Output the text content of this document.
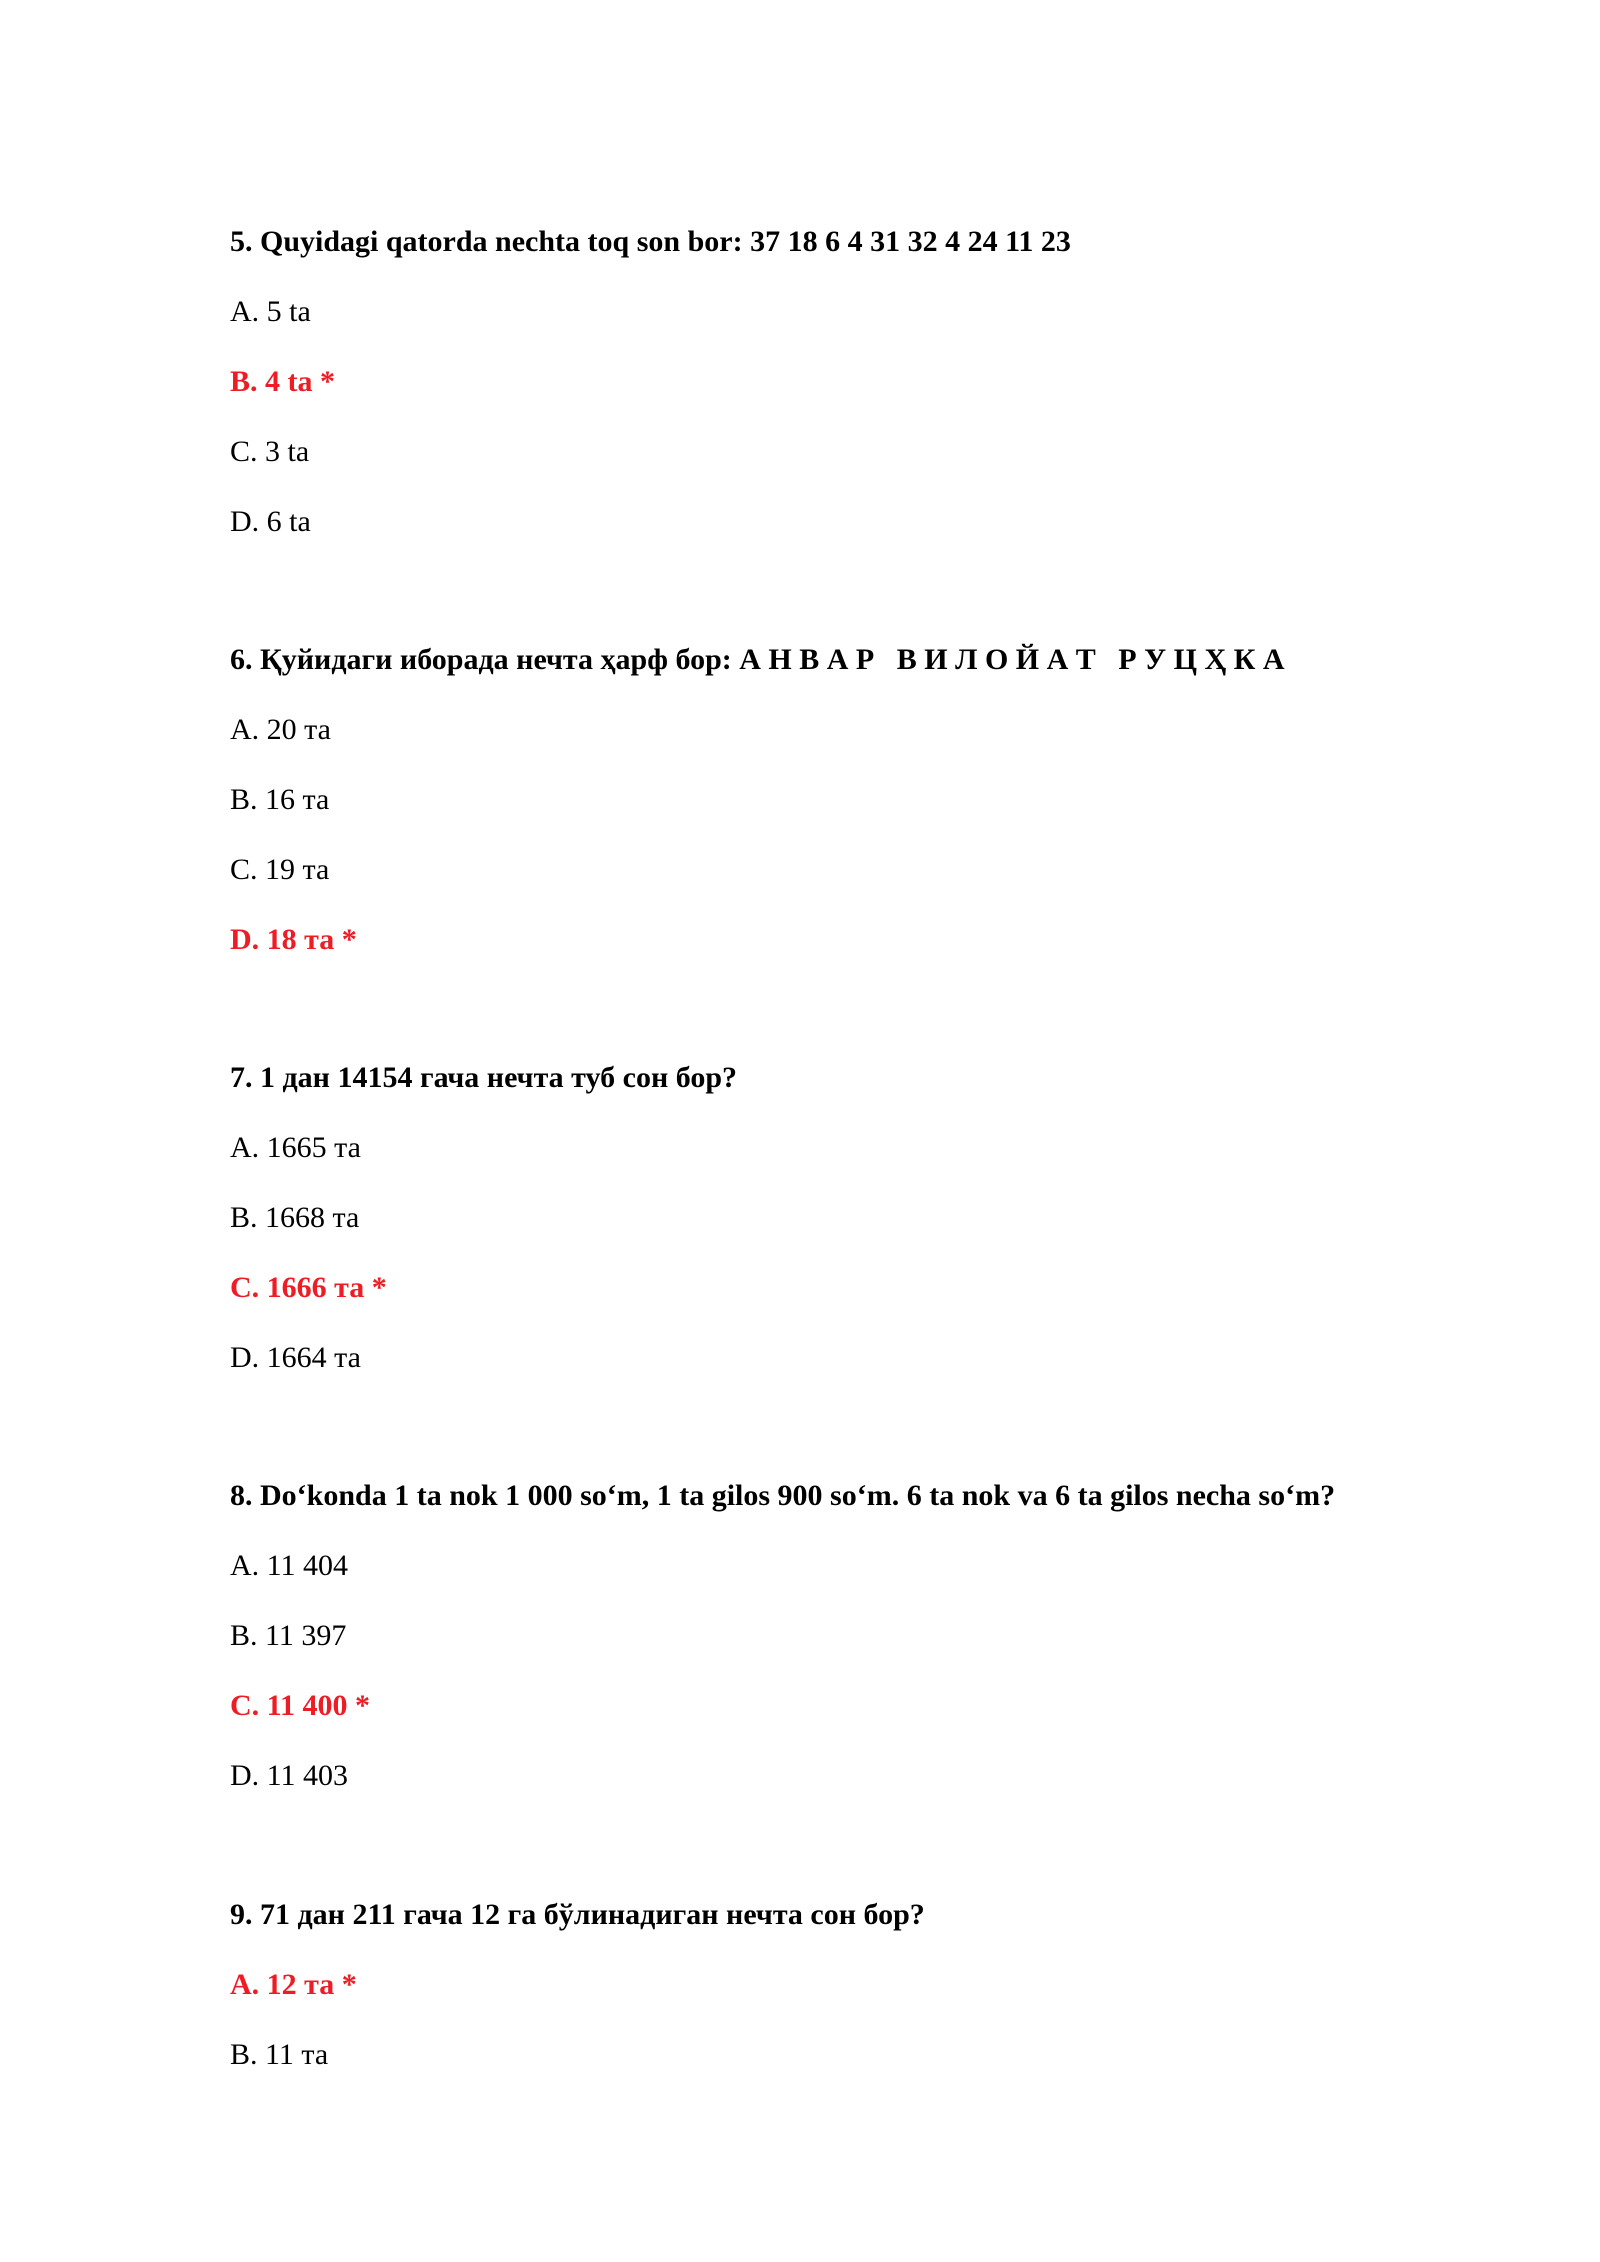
5. Quyidagi qatorda nechta toq son bor: 37 18 6 4 31 32 4 24 11 23
A. 5 ta
B. 4 ta *
C. 3 ta
D. 6 ta
6. Қуйидаги иборада нечта ҳарф бор: А Н В А Р   В И Л О Й А Т   Р У Ц Ҳ К А
A. 20 та
B. 16 та
C. 19 та
D. 18 та *
7. 1 дан 14154 гача нечта туб сон бор?
A. 1665 та
B. 1668 та
C. 1666 та *
D. 1664 та
8. Do‘konda 1 ta nok 1 000 so‘m, 1 ta gilos 900 so‘m. 6 ta nok va 6 ta gilos necha so‘m?
A. 11 404
B. 11 397
C. 11 400 *
D. 11 403
9. 71 дан 211 гача 12 га бўлинадиган нечта сон бор?
A. 12 та *
B. 11 та
